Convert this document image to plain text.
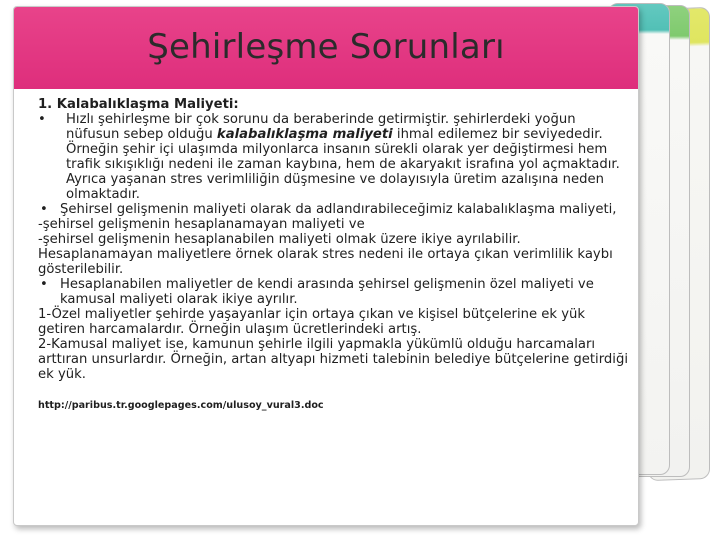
Şehirleşme Sorunları

1. Kalabalıklaşma Maliyeti:

• Hızlı şehirleşme bir çok sorunu da beraberinde getirmiştir. şehirlerdeki yoğun nüfusun sebep olduğu kalabalıklaşma maliyeti ihmal edilemez bir seviyededir. Örneğin şehir içi ulaşımda milyonlarca insanın sürekli olarak yer değiştirmesi hem trafik sıkışıklığı nedeni ile zaman kaybına, hem de akaryakıt israfına yol açmaktadır. Ayrıca yaşanan stres verimliliğin düşmesine ve dolayısıyla üretim azalışına neden olmaktadır.

• Şehirsel gelişmenin maliyeti olarak da adlandırabileceğimiz kalabalıklaşma maliyeti,

-şehirsel gelişmenin hesaplanamayan maliyeti ve

-şehirsel gelişmenin hesaplanabilen maliyeti olmak üzere ikiye ayrılabilir.

Hesaplanamayan maliyetlere örnek olarak stres nedeni ile ortaya çıkan verimlilik kaybı gösterilebilir.

• Hesaplanabilen maliyetler de kendi arasında şehirsel gelişmenin özel maliyeti ve kamusal maliyeti olarak ikiye ayrılır.

1-Özel maliyetler şehirde yaşayanlar için ortaya çıkan ve kişisel bütçelerine ek yük getiren harcamalardır. Örneğin ulaşım ücretlerindeki artış.

2-Kamusal maliyet ise, kamunun şehirle ilgili yapmakla yükümlü olduğu harcamaları arttıran unsurlardır. Örneğin, artan altyapı hizmeti talebinin belediye bütçelerine getirdiği ek yük.

http://paribus.tr.googlepages.com/ulusoy_vural3.doc
